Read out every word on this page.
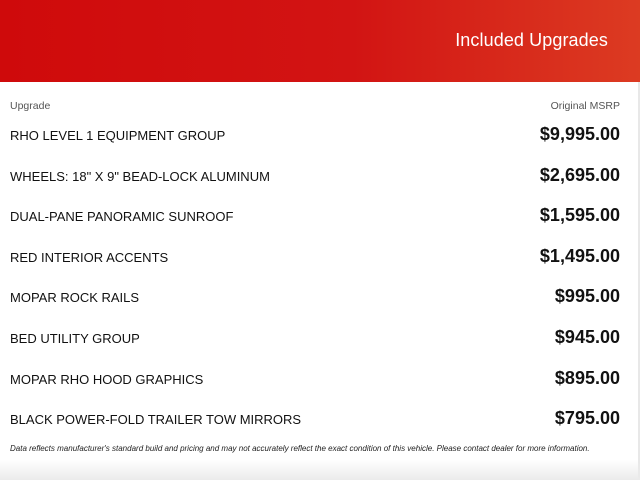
Included Upgrades
Upgrade	Original MSRP
RHO LEVEL 1 EQUIPMENT GROUP	$9,995.00
WHEELS: 18" X 9" BEAD-LOCK ALUMINUM	$2,695.00
DUAL-PANE PANORAMIC SUNROOF	$1,595.00
RED INTERIOR ACCENTS	$1,495.00
MOPAR ROCK RAILS	$995.00
BED UTILITY GROUP	$945.00
MOPAR RHO HOOD GRAPHICS	$895.00
BLACK POWER-FOLD TRAILER TOW MIRRORS	$795.00
Data reflects manufacturer's standard build and pricing and may not accurately reflect the exact condition of this vehicle. Please contact dealer for more information.
